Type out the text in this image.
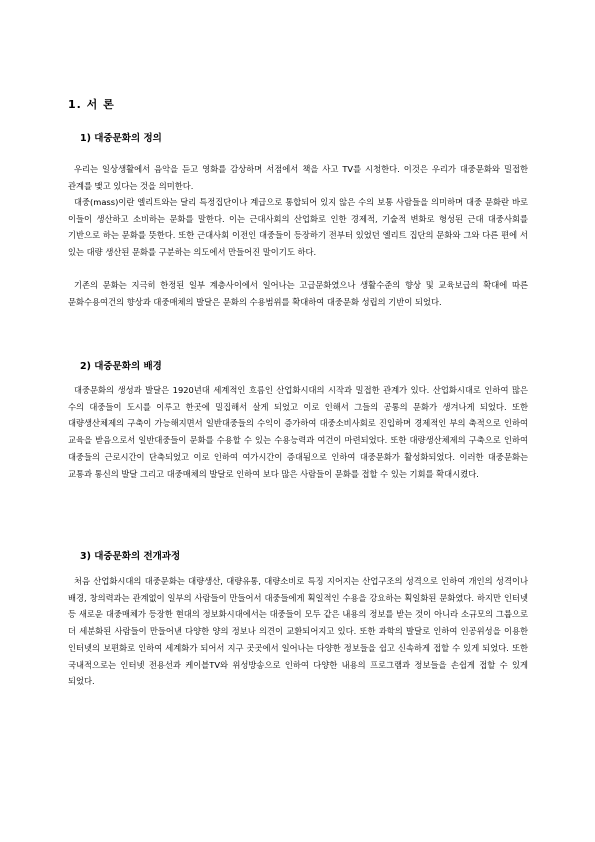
1. 서 론
1) 대중문화의 정의

우리는 일상생활에서 음악을 듣고 영화를 감상하며 서점에서 책을 사고 TV를 시청한다. 이것은 우리가 대중문화와 밀접한 관계를 맺고 있다는 것을 의미한다.

대중(mass)이란 엘리트와는 달리 특정집단이나 계급으로 통합되어 있지 않은 수의 보통 사람들을 의미하며 대중 문화란 바로 이들이 생산하고 소비하는 문화를 말한다. 이는 근대사회의 산업화로 인한 경제적, 기술적 변화로 형성된 근대 대중사회를 기반으로 하는 문화를 뜻한다. 또한 근대사회 이전인 대중들이 등장하기 전부터 있었던 엘리트 집단의 문화와 그와 다른 편에 서 있는 대량 생산된 문화를 구분하는 의도에서 만들어진 말이기도 하다.

기존의 문화는 지극히 한정된 일부 계층사이에서 일어나는 고급문화였으나 생활수준의 향상 및 교육보급의 확대에 따른 문화수용여건의 향상과 대중매체의 발달은 문화의 수용범위를 확대하여 대중문화 성립의 기반이 되었다.

2) 대중문화의 배경

대중문화의 생성과 발달은 1920년대 세계적인 흐름인 산업화시대의 시작과 밀접한 관계가 있다. 산업화시대로 인하여 많은 수의 대중들이 도시를 이루고 한곳에 밀집해서 살게 되었고 이로 인해서 그들의 공통의 문화가 생겨나게 되었다. 또한 대량생산체제의 구축이 가능해지면서 일반대중들의 수익이 증가하여 대중소비사회로 진입하며 경제적인 부의 축적으로 인하여 교육을 받음으로서 일반대중들이 문화를 수용할 수 있는 수용능력과 여건이 마련되었다. 또한 대량생산체제의 구축으로 인하여 대중들의 근로시간이 단축되었고 이로 인하여 여가시간이 증대됨으로 인하여 대중문화가 활성화되었다. 이러한 대중문화는 교통과 통신의 발달 그리고 대중매체의 발달로 인하여 보다 많은 사람들이 문화를 접할 수 있는 기회를 확대시켰다.

3) 대중문화의 전개과정

처음 산업화시대의 대중문화는 대량생산, 대량유통, 대량소비로 특징 지어지는 산업구조의 성격으로 인하여 개인의 성격이나 배경, 창의력과는 관계없이 일부의 사람들이 만들어서 대중들에게 획일적인 수용을 강요하는 획일화된 문화였다. 하지만 인터넷 등 새로운 대중매체가 등장한 현대의 정보화시대에서는 대중들이 모두 같은 내용의 정보를 받는 것이 아니라 소규모의 그룹으로 더 세분화된 사람들이 만들어낸 다양한 양의 정보나 의견이 교환되어지고 있다. 또한 과학의 발달로 인하여 인공위성을 이용한 인터넷의 보편화로 인하여 세계화가 되어서 지구 곳곳에서 일어나는 다양한 정보들을 쉽고 신속하게 접할 수 있게 되었다. 또한 국내적으로는 인터넷 전용선과 케이블TV와 위성방송으로 인하여 다양한 내용의 프로그램과 정보들을 손쉽게 접할 수 있게 되었다.
